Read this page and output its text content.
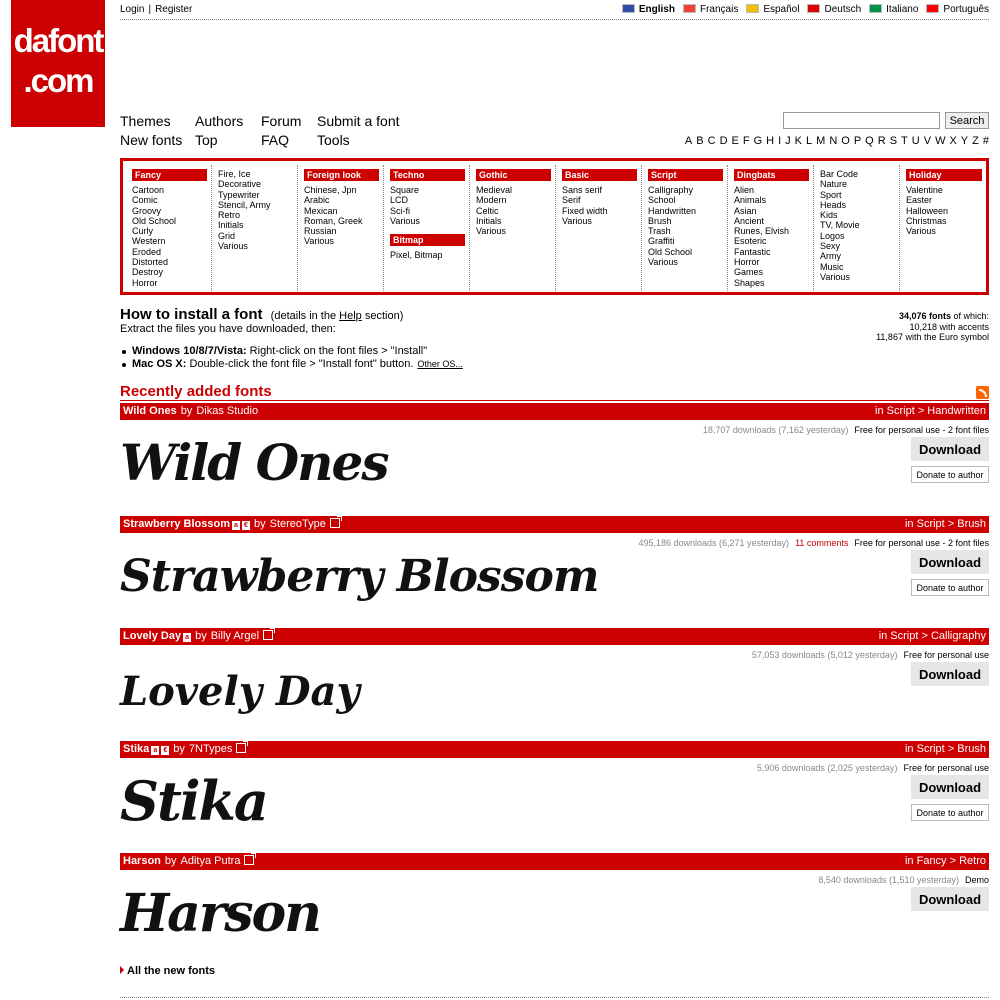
dafont
.com
Login | Register	English	Français	Español	Deutsch	Italiano	Português
Themes Authors Forum Submit a font
New fonts Top	FAQ Tools
Search
A B C D E F G H I J K L M N O P Q R S T U V W X Y Z #
Fancy
Cartoon
Comic
Groovy
Old School
Curly
Western
Eroded
Distorted
Destroy
Horror
Fire, Ice
Decorative
Typewriter
Stencil, Army
Retro
Initials
Grid
Various
Foreign look
Chinese, Jpn
Arabic
Mexican
Roman, Greek
Russian
Various
Techno
Square
LCD
Sci-fi
Various
Bitmap
Pixel, Bitmap
Gothic
Medieval
Modern
Celtic
Initials
Various
Basic
Sans serif
Serif
Fixed width
Various
Script
Calligraphy
School
Handwritten
Brush
Trash
Graffiti
Old School
Various
Dingbats
Alien
Animals
Asian
Ancient
Runes, Elvish
Esoteric
Fantastic
Horror
Games
Shapes
Bar Code
Nature
Sport
Heads
Kids
TV, Movie
Logos
Sexy
Army
Music
Various
Holiday
Valentine
Easter
Halloween
Christmas
Various
How to install a font (details in the Help section)
Extract the files you have downloaded, then:
Windows 10/8/7/Vista: Right-click on the font files > "Install"
Mac OS X: Double-click the font file > "Install font" button. Other OS...
34,076 fonts of which:
10,218 with accents
11,867 with the Euro symbol
Recently added fonts
Wild Ones by Dikas Studio	in Script > Handwritten
18,707 downloads (7,162 yesterday) Free for personal use - 2 font files
Wild Ones	Download
Donate to author
Strawberry Blossom a € by StereoType	in Script > Brush
495,186 downloads (6,271 yesterday) 11 comments Free for personal use - 2 font files
Strawberry Blossom	Download
Donate to author
Lovely Day a by Billy Argel	in Script > Calligraphy
57,053 downloads (5,012 yesterday) Free for personal use
Lovely Day	Download
Stika a € by 7NTypes	in Script > Brush
5,906 downloads (2,025 yesterday) Free for personal use
Stika	Download
Donate to author
Harson by Aditya Putra	in Fancy > Retro
8,540 downloads (1,510 yesterday) Demo
Harson	Download
All the new fonts
